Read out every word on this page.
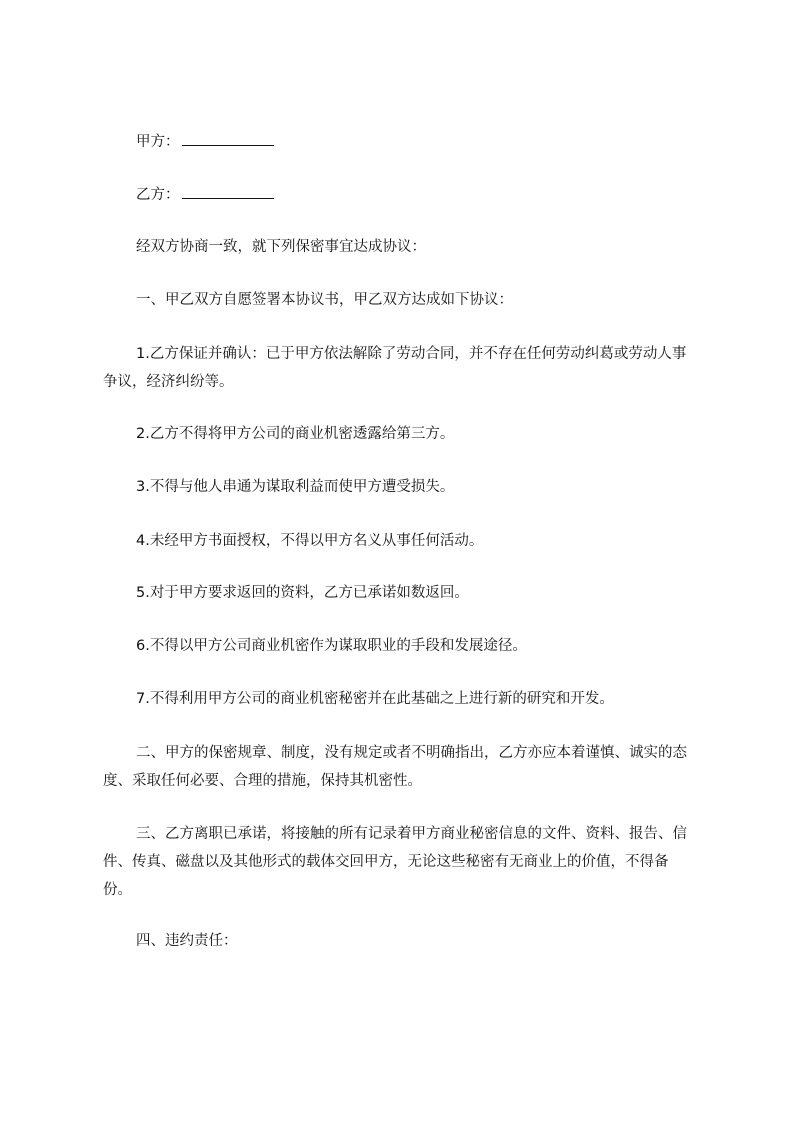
甲方：

乙方：

经双方协商一致，就下列保密事宜达成协议：

一、甲乙双方自愿签署本协议书，甲乙双方达成如下协议：

1.乙方保证并确认：已于甲方依法解除了劳动合同，并不存在任何劳动纠葛或劳动人事争议，经济纠纷等。

2.乙方不得将甲方公司的商业机密透露给第三方。

3.不得与他人串通为谋取利益而使甲方遭受损失。

4.未经甲方书面授权，不得以甲方名义从事任何活动。

5.对于甲方要求返回的资料，乙方已承诺如数返回。

6.不得以甲方公司商业机密作为谋取职业的手段和发展途径。

7.不得利用甲方公司的商业机密秘密并在此基础之上进行新的研究和开发。

二、甲方的保密规章、制度，没有规定或者不明确指出，乙方亦应本着谨慎、诚实的态度、采取任何必要、合理的措施，保持其机密性。

三、乙方离职已承诺，将接触的所有记录着甲方商业秘密信息的文件、资料、报告、信件、传真、磁盘以及其他形式的载体交回甲方，无论这些秘密有无商业上的价值，不得备份。

四、违约责任：
